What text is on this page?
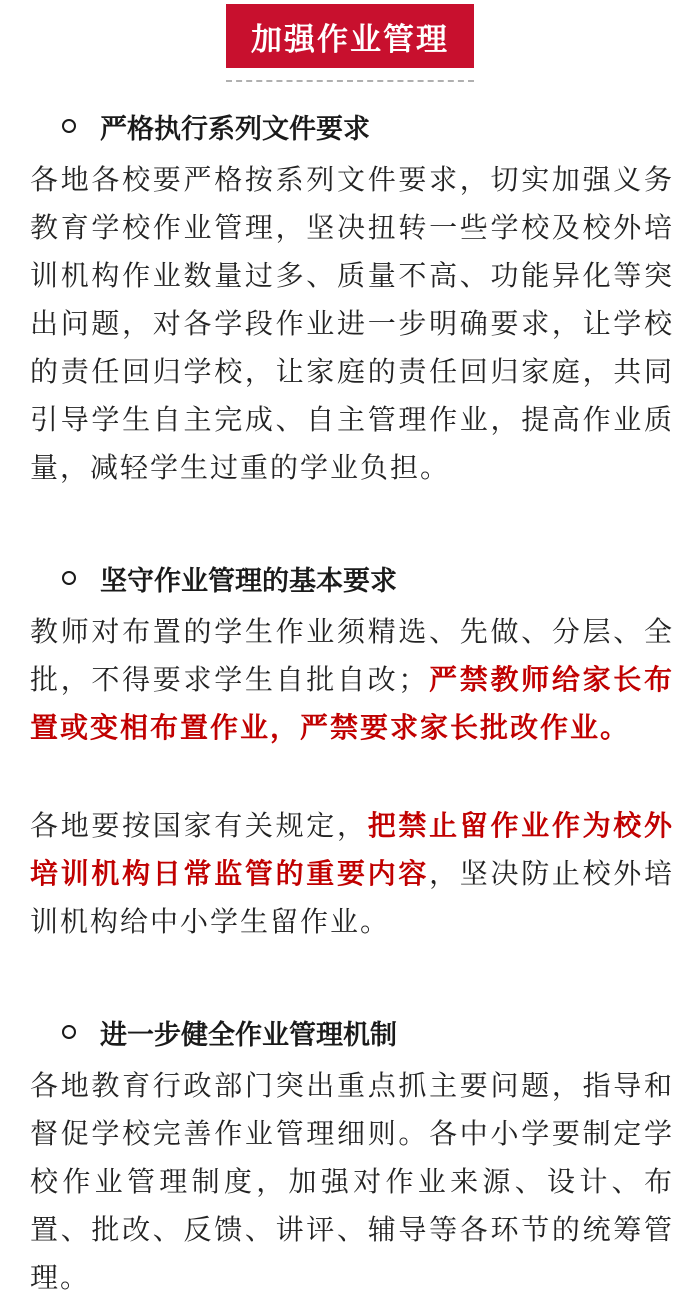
加强作业管理
严格执行系列文件要求

各地各校要严格按系列文件要求，切实加强义务教育学校作业管理，坚决扭转一些学校及校外培训机构作业数量过多、质量不高、功能异化等突出问题，对各学段作业进一步明确要求，让学校的责任回归学校，让家庭的责任回归家庭，共同引导学生自主完成、自主管理作业，提高作业质量，减轻学生过重的学业负担。

坚守作业管理的基本要求

教师对布置的学生作业须精选、先做、分层、全批，不得要求学生自批自改；严禁教师给家长布置或变相布置作业，严禁要求家长批改作业。

各地要按国家有关规定，把禁止留作业作为校外培训机构日常监管的重要内容，坚决防止校外培训机构给中小学生留作业。

进一步健全作业管理机制

各地教育行政部门突出重点抓主要问题，指导和督促学校完善作业管理细则。各中小学要制定学校作业管理制度，加强对作业来源、设计、布置、批改、反馈、讲评、辅导等各环节的统筹管理。
